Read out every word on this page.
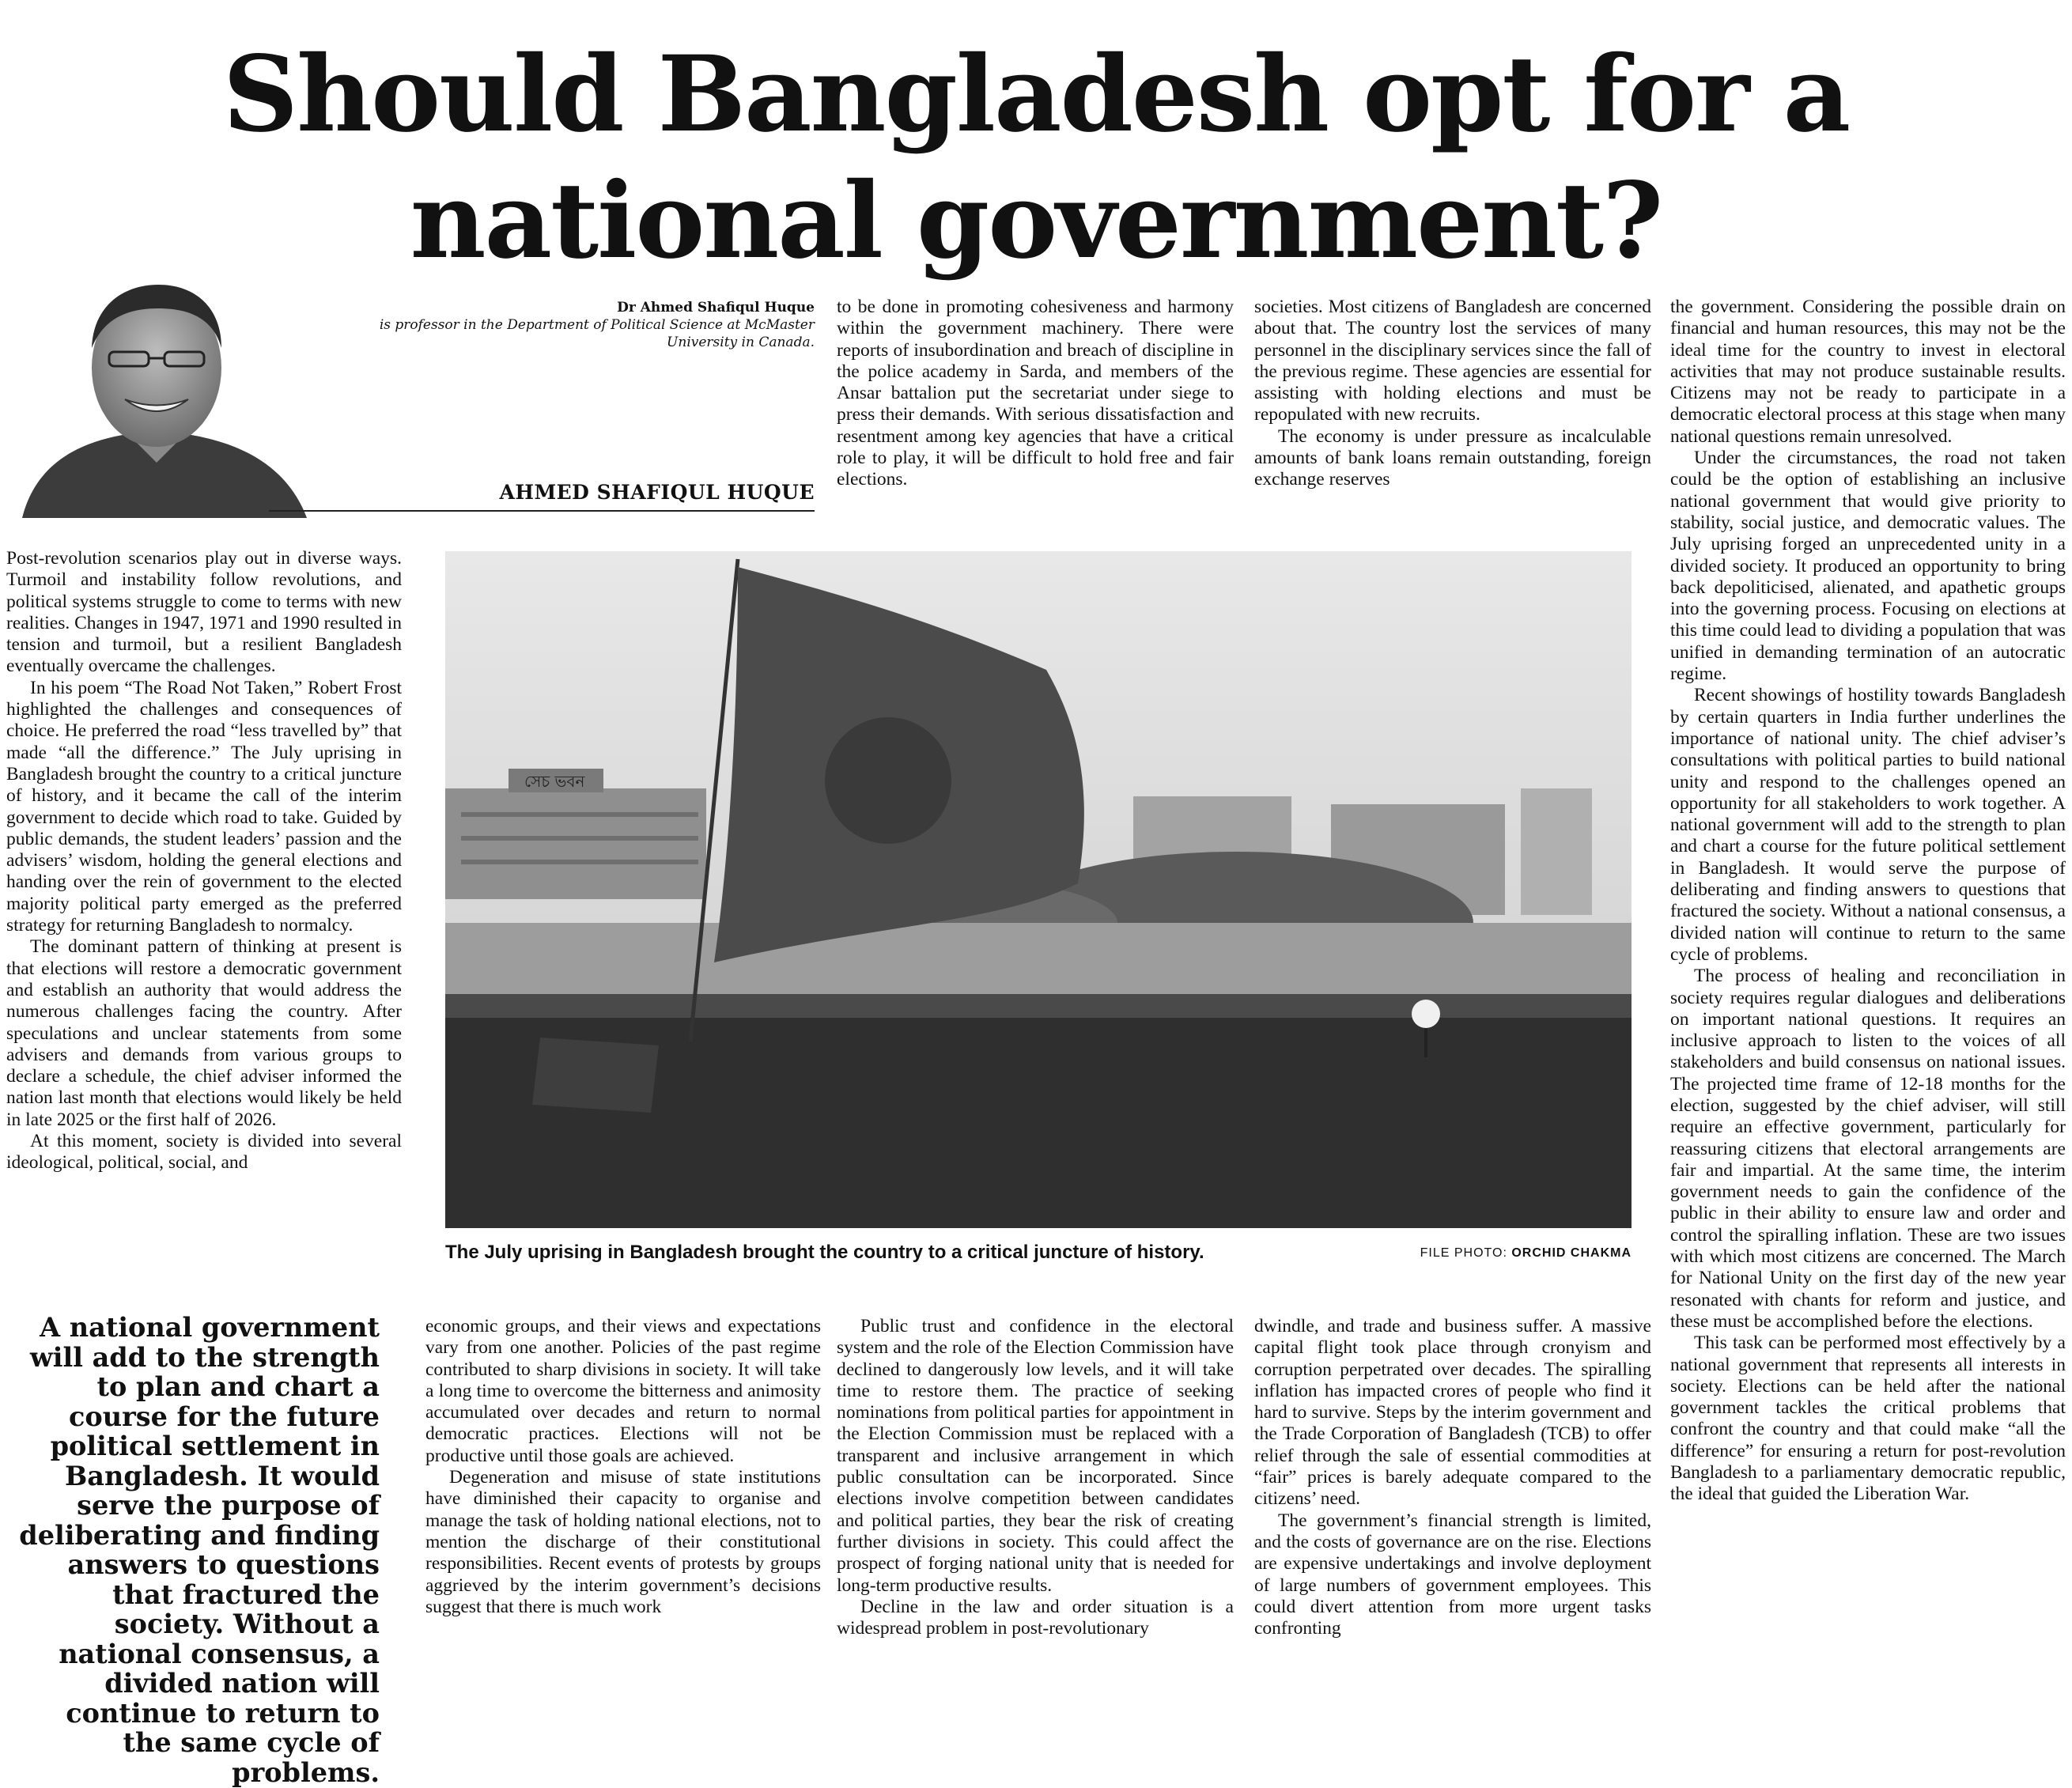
Should Bangladesh opt for a national government?
Dr Ahmed Shafiqul Huque
is professor in the Department of Political Science at McMaster University in Canada.
AHMED SHAFIQUL HUQUE

Post-revolution scenarios play out in diverse ways. Turmoil and instability follow revolutions, and political systems struggle to come to terms with new realities. Changes in 1947, 1971 and 1990 resulted in tension and turmoil, but a resilient Bangladesh eventually overcame the challenges.

In his poem “The Road Not Taken,” Robert Frost highlighted the challenges and consequences of choice. He preferred the road “less travelled by” that made “all the difference.” The July uprising in Bangladesh brought the country to a critical juncture of history, and it became the call of the interim government to decide which road to take. Guided by public demands, the student leaders’ passion and the advisers’ wisdom, holding the general elections and handing over the rein of government to the elected majority political party emerged as the preferred strategy for returning Bangladesh to normalcy.

The dominant pattern of thinking at present is that elections will restore a democratic government and establish an authority that would address the numerous challenges facing the country. After speculations and unclear statements from some advisers and demands from various groups to declare a schedule, the chief adviser informed the nation last month that elections would likely be held in late 2025 or the first half of 2026.

At this moment, society is divided into several ideological, political, social, and

to be done in promoting cohesiveness and harmony within the government machinery. There were reports of insubordination and breach of discipline in the police academy in Sarda, and members of the Ansar battalion put the secretariat under siege to press their demands. With serious dissatisfaction and resentment among key agencies that have a critical role to play, it will be difficult to hold free and fair elections.

societies. Most citizens of Bangladesh are concerned about that. The country lost the services of many personnel in the disciplinary services since the fall of the previous regime. These agencies are essential for assisting with holding elections and must be repopulated with new recruits.

The economy is under pressure as incalculable amounts of bank loans remain outstanding, foreign exchange reserves

the government. Considering the possible drain on financial and human resources, this may not be the ideal time for the country to invest in electoral activities that may not produce sustainable results. Citizens may not be ready to participate in a democratic electoral process at this stage when many national questions remain unresolved.

Under the circumstances, the road not taken could be the option of establishing an inclusive national government that would give priority to stability, social justice, and democratic values. The July uprising forged an unprecedented unity in a divided society. It produced an opportunity to bring back depoliticised, alienated, and apathetic groups into the governing process. Focusing on elections at this time could lead to dividing a population that was unified in demanding termination of an autocratic regime.

Recent showings of hostility towards Bangladesh by certain quarters in India further underlines the importance of national unity. The chief adviser’s consultations with political parties to build national unity and respond to the challenges opened an opportunity for all stakeholders to work together. A national government will add to the strength to plan and chart a course for the future political settlement in Bangladesh. It would serve the purpose of deliberating and finding answers to questions that fractured the society. Without a national consensus, a divided nation will continue to return to the same cycle of problems.

The process of healing and reconciliation in society requires regular dialogues and deliberations on important national questions. It requires an inclusive approach to listen to the voices of all stakeholders and build consensus on national issues. The projected time frame of 12-18 months for the election, suggested by the chief adviser, will still require an effective government, particularly for reassuring citizens that electoral arrangements are fair and impartial. At the same time, the interim government needs to gain the confidence of the public in their ability to ensure law and order and control the spiralling inflation. These are two issues with which most citizens are concerned. The March for National Unity on the first day of the new year resonated with chants for reform and justice, and these must be accomplished before the elections.

This task can be performed most effectively by a national government that represents all interests in society. Elections can be held after the national government tackles the critical problems that confront the country and that could make “all the difference” for ensuring a return for post-revolution Bangladesh to a parliamentary democratic republic, the ideal that guided the Liberation War.

সেচ ভবন
The July uprising in Bangladesh brought the country to a critical juncture of history.	FILE PHOTO: ORCHID CHAKMA
A national government will add to the strength to plan and chart a course for the future political settlement in Bangladesh. It would serve the purpose of deliberating and finding answers to questions that fractured the society. Without a national consensus, a divided nation will continue to return to the same cycle of problems.

economic groups, and their views and expectations vary from one another. Policies of the past regime contributed to sharp divisions in society. It will take a long time to overcome the bitterness and animosity accumulated over decades and return to normal democratic practices. Elections will not be productive until those goals are achieved.

Degeneration and misuse of state institutions have diminished their capacity to organise and manage the task of holding national elections, not to mention the discharge of their constitutional responsibilities. Recent events of protests by groups aggrieved by the interim government’s decisions suggest that there is much work

Public trust and confidence in the electoral system and the role of the Election Commission have declined to dangerously low levels, and it will take time to restore them. The practice of seeking nominations from political parties for appointment in the Election Commission must be replaced with a transparent and inclusive arrangement in which public consultation can be incorporated. Since elections involve competition between candidates and political parties, they bear the risk of creating further divisions in society. This could affect the prospect of forging national unity that is needed for long-term productive results.

Decline in the law and order situation is a widespread problem in post-revolutionary

dwindle, and trade and business suffer. A massive capital flight took place through cronyism and corruption perpetrated over decades. The spiralling inflation has impacted crores of people who find it hard to survive. Steps by the interim government and the Trade Corporation of Bangladesh (TCB) to offer relief through the sale of essential commodities at “fair” prices is barely adequate compared to the citizens’ need.

The government’s financial strength is limited, and the costs of governance are on the rise. Elections are expensive undertakings and involve deployment of large numbers of government employees. This could divert attention from more urgent tasks confronting
